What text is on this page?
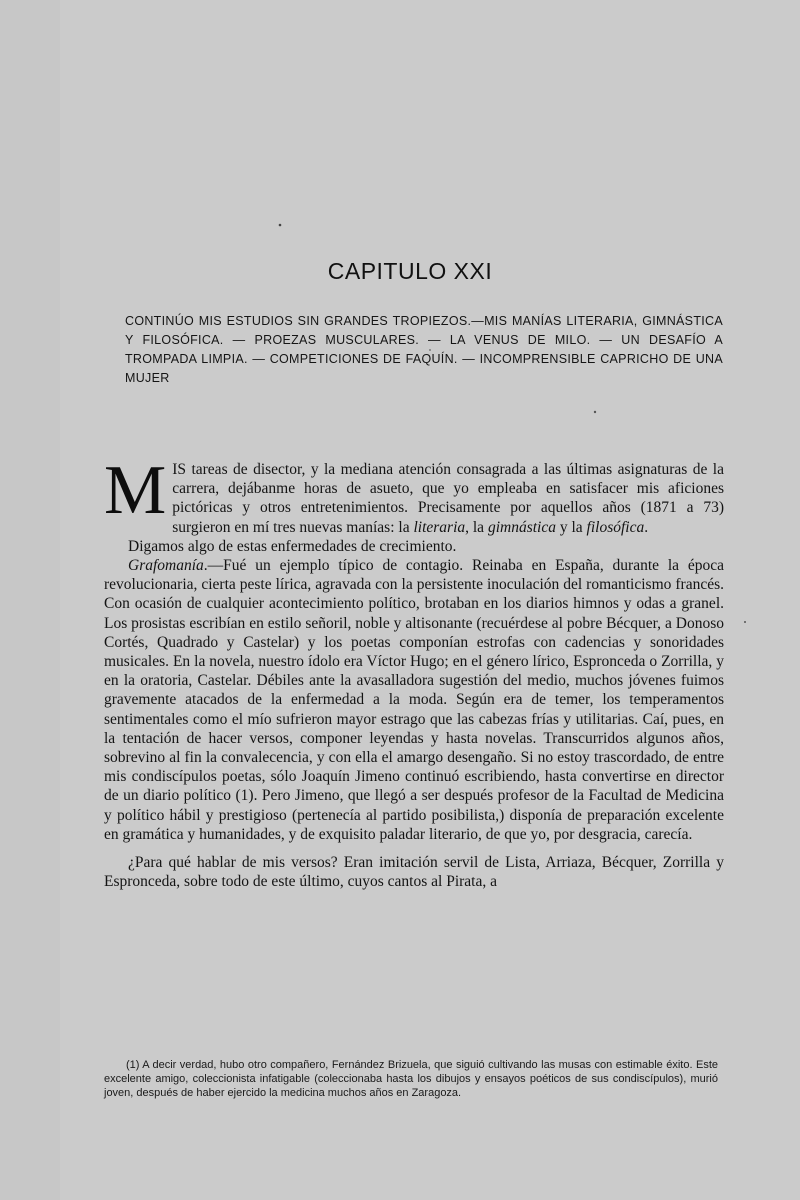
CAPITULO XXI

CONTINÚO MIS ESTUDIOS SIN GRANDES TROPIEZOS.—MIS MANÍAS LITERARIA, GIMNÁSTICA Y FILOSÓFICA. — PROEZAS MUSCULARES. — LA VENUS DE MILO. — UN DESAFÍO A TROMPADA LIMPIA. — COMPETICIONES DE FAQUÍN. — INCOMPRENSIBLE CAPRICHO DE UNA MUJER

MIS tareas de disector, y la mediana atención consagrada a las últimas asignaturas de la carrera, dejábanme horas de asueto, que yo empleaba en satisfacer mis aficiones pictóricas y otros entretenimientos. Precisamente por aquellos años (1871 a 73) surgieron en mí tres nuevas manías: la literaria, la gimnástica y la filosófica.

Digamos algo de estas enfermedades de crecimiento.

Grafomanía.—Fué un ejemplo típico de contagio. Reinaba en España, durante la época revolucionaria, cierta peste lírica, agravada con la persistente inoculación del romanticismo francés. Con ocasión de cualquier acontecimiento político, brotaban en los diarios himnos y odas a granel. Los prosistas escribían en estilo señoril, noble y altisonante (recuérdese al pobre Bécquer, a Donoso Cortés, Quadrado y Castelar) y los poetas componían estrofas con cadencias y sonoridades musicales. En la novela, nuestro ídolo era Víctor Hugo; en el género lírico, Espronceda o Zorrilla, y en la oratoria, Castelar. Débiles ante la avasalladora sugestión del medio, muchos jóvenes fuimos gravemente atacados de la enfermedad a la moda. Según era de temer, los temperamentos sentimentales como el mío sufrieron mayor estrago que las cabezas frías y utilitarias. Caí, pues, en la tentación de hacer versos, componer leyendas y hasta novelas. Transcurridos algunos años, sobrevino al fin la convalecencia, y con ella el amargo desengaño. Si no estoy trascordado, de entre mis condiscípulos poetas, sólo Joaquín Jimeno continuó escribiendo, hasta convertirse en director de un diario político (1). Pero Jimeno, que llegó a ser después profesor de la Facultad de Medicina y político hábil y prestigioso (pertenecía al partido posibilista,) disponía de preparación excelente en gramática y humanidades, y de exquisito paladar literario, de que yo, por desgracia, carecía.

¿Para qué hablar de mis versos? Eran imitación servil de Lista, Arriaza, Bécquer, Zorrilla y Espronceda, sobre todo de este último, cuyos cantos al Pirata, a

(1) A decir verdad, hubo otro compañero, Fernández Brizuela, que siguió cultivando las musas con estimable éxito. Este excelente amigo, coleccionista infatigable (coleccionaba hasta los dibujos y ensayos poéticos de sus condiscípulos), murió joven, después de haber ejercido la medicina muchos años en Zaragoza.
